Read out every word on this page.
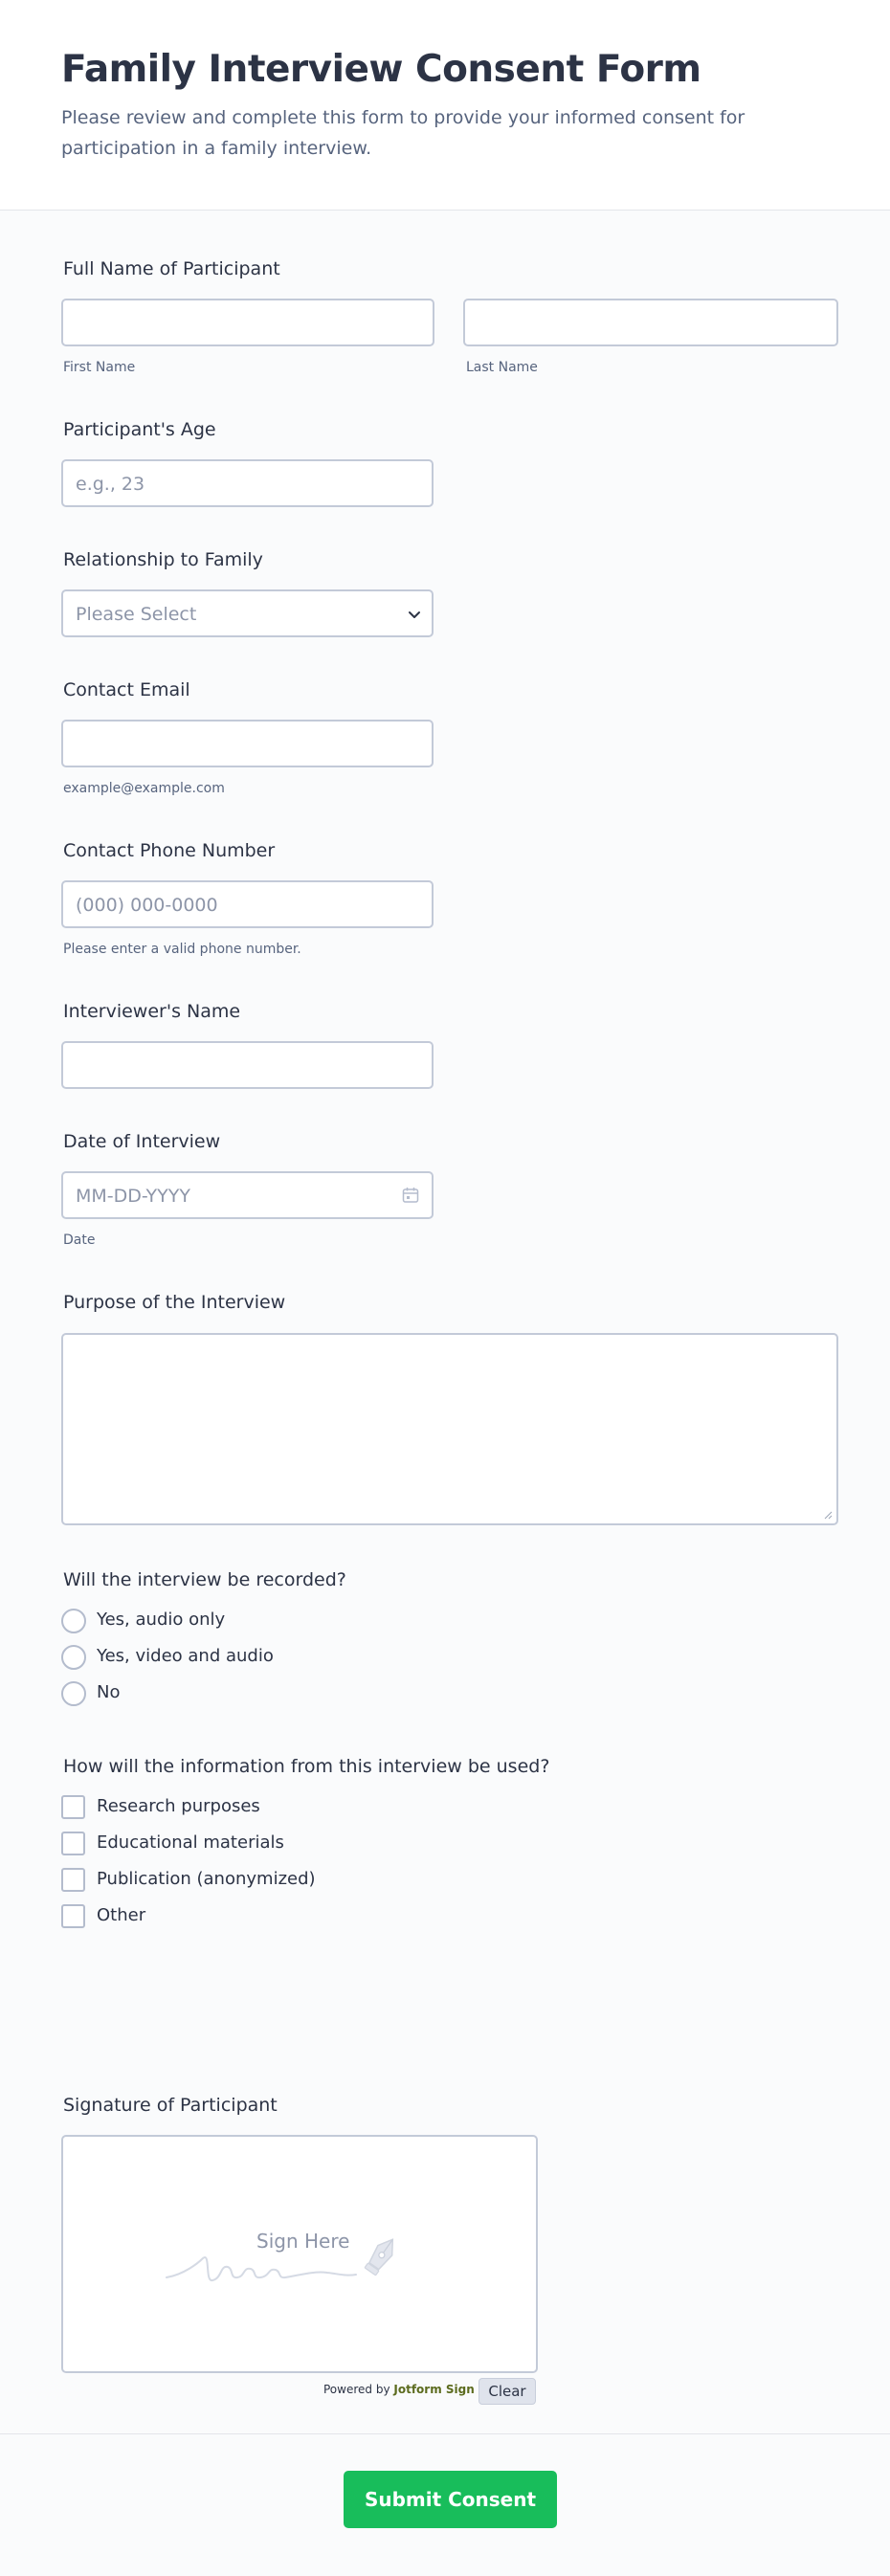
Family Interview Consent Form

Please review and complete this form to provide your informed consent for participation in a family interview.

Full Name of Participant
First Name	Last Name
Participant's Age
e.g., 23
Relationship to Family
Please Select
Contact Email
example@example.com
Contact Phone Number
(000) 000-0000
Please enter a valid phone number.
Interviewer's Name
Date of Interview
MM-DD-YYYY
Date
Purpose of the Interview
Will the interview be recorded?
Yes, audio only
Yes, video and audio
No
How will the information from this interview be used?
Research purposes
Educational materials
Publication (anonymized)
Other
Signature of Participant
Sign Here
Powered by Jotform Sign Clear
Submit Consent
